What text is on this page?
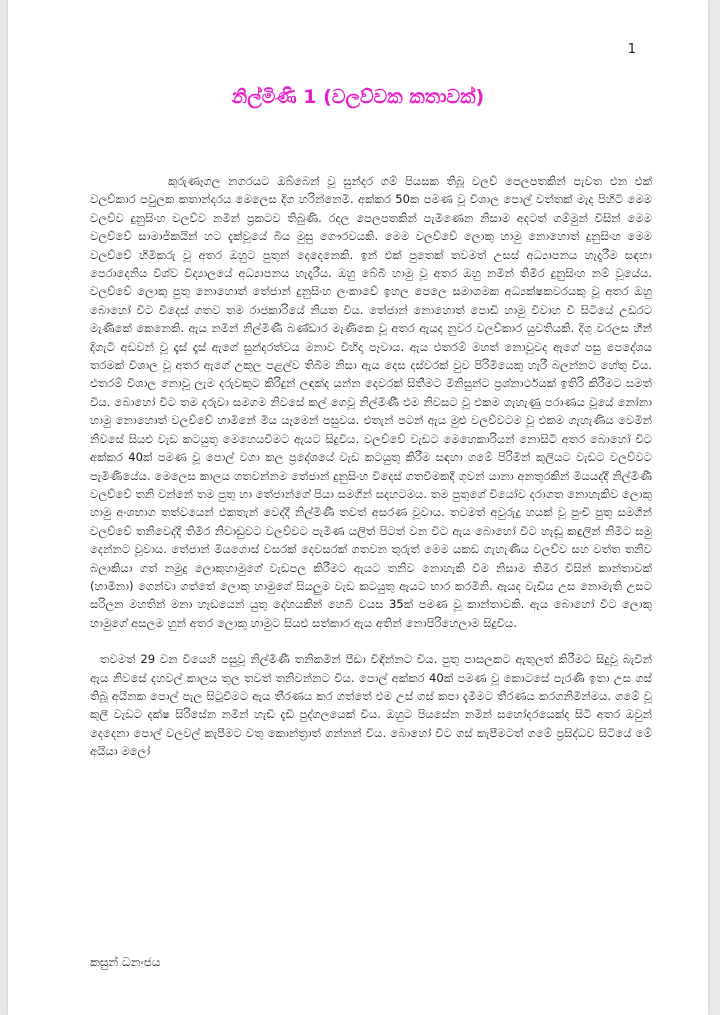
1
නිල්මිණි 1 (වලව්වක කතාවක්)

කුරුණෑගල නගරයට ඔබ්බෙන් වූ සුන්දර ගම් පියසක තිබූ වලව් පෙලපතකින් පැවත එන එක් වලව්කාර පවුලක කතාන්දරය මෙලෙස දිග හරින්නෙමි. අක්කර 50ක පමණ වූ විශාල පොල් වත්තක් මැද පිහිටි මෙම වලව්ව දුනුසිංහ වලව්ව නමින් ප්‍රකටව තිබුණි. රදල පෙලපතකින් පැමිණෙන නිසාම අදටත් ගම්මුන් විසින් මෙම වලව්වේ සාමාජිකයින් හට දැක්වූයේ බිය මුසු ගෞරවයකි. මෙම වලව්වේ ලොකු හාමු නොහොත් දුනුසිංහ මෙම වලව්වේ හිමිකරු වූ අතර ඔහුට පුතුන් දෙදෙනෙකි. ඉන් එක් පුතෙක් තවමත් උසස් අධ්‍යාපනය හැදෑරීම සඳහා පෙරාදෙනිය විශ්ව විද්‍යාලයේ අධ්‍යාපනය හැදෑරීය. ඔහු බේබී හාමු වූ අතර ඔහු නමින් තිමිර දුනුසිංහ නම් වූයේය. වලව්වේ ලොකු පුතු නොහොත් තේජාන් දුනුසිංහ ලංකාවේ ඉහල පෙලෙ සමාගමක අධ්‍යක්ෂකවරයකු වූ අතර ඔහු බොහෝ විට විදෙස් ගතව තම රාජකාරියේ නියත විය. තේජාන් නොහොත් පොඩි හාමු විවාහ වී සිටියේ උඩරට මැණිකේ කෙනෙකි. ඇය නමින් නිල්මිණී බණ්ඩාර මැණිකෙ වූ අතර ඇයද නුවර වලව්කාර යුවතියකි. දිගු වරලස හීන් දිගැටි අඩවන් වූ දෑස් දෑස් ඇගේ සුන්දරත්වය මනාව විහිදා පෑවාය. ඇය එතරම් මහත් නොවූවද ඇගේ පසු පෙදේශය තරමක් විශාල වූ අතර ඇගේ උකුල පළල්ව තිබීම නිසා ඇය දෙස දස්වරක් වුව පිරිමියෙකු හැරී බලන්නට හේතු විය. එතරම් විශාල නොවූ ලැම දරුවකුට කිරිදුන් ලඳක්ද යන්න දෙවරක් සිතීමට මිනිසුන්ට ප්‍රශ්නාර්ථයක් ඉතිරි කිරීමට සමත් විය. බොහෝ විට තම දරුවා සමගම නිවසේ කල් ගෙවූ නිල්මිණී එම නිවසට වූ එකම ගැහැණු පරාණය වූයේ නෝනා හාමු නොහොත් වලව්වේ හාමිනේ මිය යෑමෙන් පසුවය. එතැන් පටන් ඇය මුළු වලව්වටම වූ එකම ගැහැණිය වෙමින් නිවසේ සියළු වැඩ කටයුතු මෙහෙයවීමට ඇයට සිදුවිය. වලව්වේ වැඩට මෙහෙකාරියන් නොසිටි අතර බොහෝ විට අක්කර 40ක් පමණ වූ පොල් වගා කල ප්‍රදේශයේ වැඩ කටයුතු කිරීම සඳහා ගමේ පිරිමින් කුලියට වැඩට වලව්වට පැමිණියේය. මෙලෙස කාලය ගතවන්නම තේජාන් දුනුසිංහ විදෙස් ගතවීමකදී ගුවන් යානා අනතුරකින් මියයද්දී නිල්මිණී වලව්වේ තනි වන්නේ තම පුතු හා තේජාන්ගේ පියා සමගින් සදහටමය. තම පුතුගේ වියෝව දරාගත නොහැකිව ලොකු හාමු අංශභාග තත්වයෙන් එකතැන් වෙද්දී නිල්මිණී තවත් අසරණ වූවාය. තවමත් අවුරුදු හයක් වූ පුංචි පුතු සමගින් වලව්වේ තනිවෙද්දී තිමිර නිවාඩුවට වලව්වට පැමිණ යලිත් පිටත් වන විට ඇය බොහෝ විට හැඬූ කඳුලින් නිමිට සමු දෙන්නට වූවාය. තේජාන් මියගොස් වසරක් දෙවසරක් ගතවන තුරුත් මෙම යකඩ ගැහැණිය වලව්ව සහ වත්ත තනිව බලාකියා ගත් නමුදු ලොකුහාමුගේ වැඩපල කිරීමට ඇයට තනිව නොහැකි වීම නිසාම තිමිර විසින් කාන්තාවක් (හාමිනා) ගෙන්වා ගත්තේ ලොකු හාමුගේ සියලුම වැඩ කටයුතු ඇයට භාර කරමිනි. ඇයද වැඩිය උස නොමැති උසට සරිලන මහතින් මනා හැඩයෙන් යුතු දේහයකින් හෙබි වයස 35ක් පමණ වූ කාන්තාවකි. ඇය බොහෝ විට ලොකු හාමුගේ අසලම හුන් අතර ලොකු හාමුට සියළු සත්කාර ඇය අතින් නොපිරිහෙලාම සිදුවිය.

තවමත් 29 වන වියෙහි පසුවූ නිල්මිණී තනිකමින් පීඩා විඳින්නට විය. පුතු පාසලකට ඇතුලත් කිරීමට සිදුවූ බැවින් ඇය නිවසේ දහවල් කාලය තුල තවත් තනිවන්නට විය. පොල් අක්කර 40ක් පමණ වූ කොටසේ පැරණි ඉතා උස ගස් තිබූ අයිනක පොල් පැල සිටුවීමට ඇය තීරණය කර ගත්තේ එම උස් ගස් කපා දැමීමට තීරණය කරගනිමින්මය. ගමේ වූ කුලී වැඩට දක්ෂ සිරිසේන නමින් හැඩි දැඩි පුද්ගලයෙක් විය. ඔහුට පියසේන නමින් සහෝදරයෙක්ද සිටි අතර ඔවුන් දෙදෙනා පොල් වලවල් කැපීමට වතු කොන්ත්‍රාත් ගන්නන් විය. බොහෝ විට ගස් කැපීමටත් ගමේ ප්‍රසිද්ධව සිටියේ මේ අයියා මලෝ

කසුන් ධනංජය
